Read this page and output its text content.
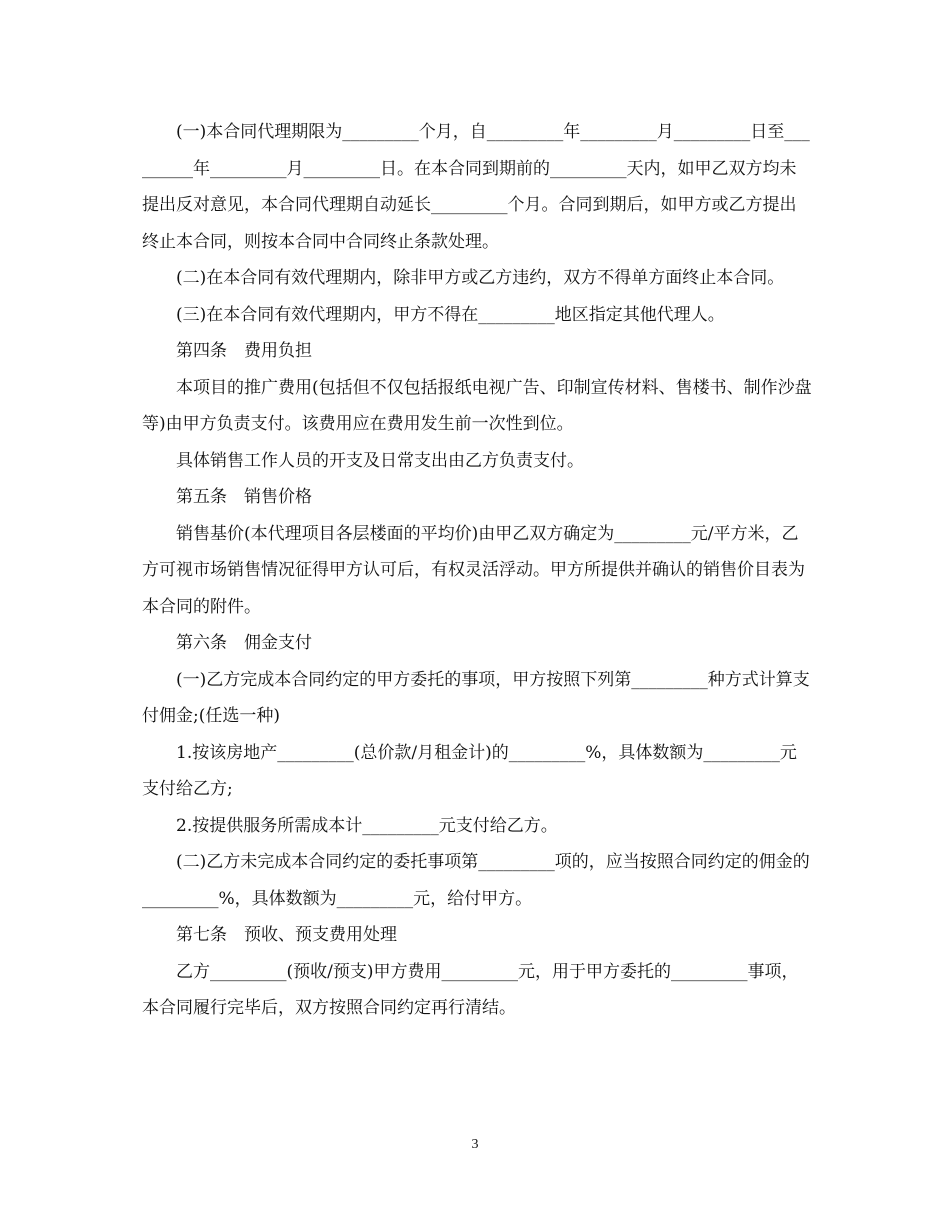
(一)本合同代理期限为_________个月，自_________年_________月_________日至_________年_________月_________日。在本合同到期前的_________天内，如甲乙双方均未提出反对意见，本合同代理期自动延长_________个月。合同到期后，如甲方或乙方提出终止本合同，则按本合同中合同终止条款处理。

(二)在本合同有效代理期内，除非甲方或乙方违约，双方不得单方面终止本合同。

(三)在本合同有效代理期内，甲方不得在_________地区指定其他代理人。

第四条　费用负担

本项目的推广费用(包括但不仅包括报纸电视广告、印制宣传材料、售楼书、制作沙盘等)由甲方负责支付。该费用应在费用发生前一次性到位。

具体销售工作人员的开支及日常支出由乙方负责支付。

第五条　销售价格

销售基价(本代理项目各层楼面的平均价)由甲乙双方确定为_________元/平方米，乙方可视市场销售情况征得甲方认可后，有权灵活浮动。甲方所提供并确认的销售价目表为本合同的附件。

第六条　佣金支付

(一)乙方完成本合同约定的甲方委托的事项，甲方按照下列第_________种方式计算支付佣金;(任选一种)

1.按该房地产_________(总价款/月租金计)的_________%，具体数额为_________元支付给乙方;

2.按提供服务所需成本计_________元支付给乙方。

(二)乙方未完成本合同约定的委托事项第_________项的，应当按照合同约定的佣金的_________%，具体数额为_________元，给付甲方。

第七条　预收、预支费用处理

乙方_________(预收/预支)甲方费用_________元，用于甲方委托的_________事项，本合同履行完毕后，双方按照合同约定再行清结。

3
